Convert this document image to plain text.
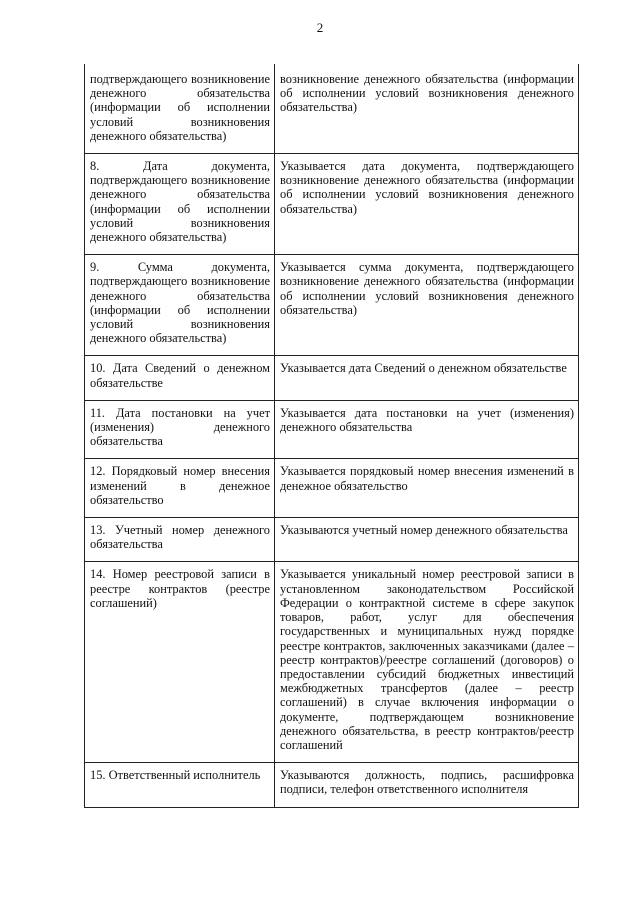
2
подтверждающего возникновение денежного обязательства (информации об исполнении условий возникновения денежного обязательства)	возникновение денежного обязательства (информации об исполнении условий возникновения денежного обязательства)
8. Дата документа, подтверждающего возникновение денежного обязательства (информации об исполнении условий возникновения денежного обязательства)	Указывается дата документа, подтверждающего возникновение денежного обязательства (информации об исполнении условий возникновения денежного обязательства)
9. Сумма документа, подтверждающего возникновение денежного обязательства (информации об исполнении условий возникновения денежного обязательства)	Указывается сумма документа, подтверждающего возникновение денежного обязательства (информации об исполнении условий возникновения денежного обязательства)
10. Дата Сведений о денежном обязательстве	Указывается дата Сведений о денежном обязательстве
11. Дата постановки на учет (изменения) денежного обязательства	Указывается дата постановки на учет (изменения) денежного обязательства
12. Порядковый номер внесения изменений в денежное обязательство	Указывается порядковый номер внесения изменений в денежное обязательство
13. Учетный номер денежного обязательства	Указываются учетный номер денежного обязательства
14. Номер реестровой записи в реестре контрактов (реестре соглашений)	Указывается уникальный номер реестровой записи в установленном законодательством Российской Федерации о контрактной системе в сфере закупок товаров, работ, услуг для обеспечения государственных и муниципальных нужд порядке реестре контрактов, заключенных заказчиками (далее – реестр контрактов)/реестре соглашений (договоров) о предоставлении субсидий бюджетных инвестиций межбюджетных трансфертов (далее – реестр соглашений) в случае включения информации о документе, подтверждающем возникновение денежного обязательства, в реестр контрактов/реестр соглашений
15. Ответственный исполнитель	Указываются должность, подпись, расшифровка подписи, телефон ответственного исполнителя
